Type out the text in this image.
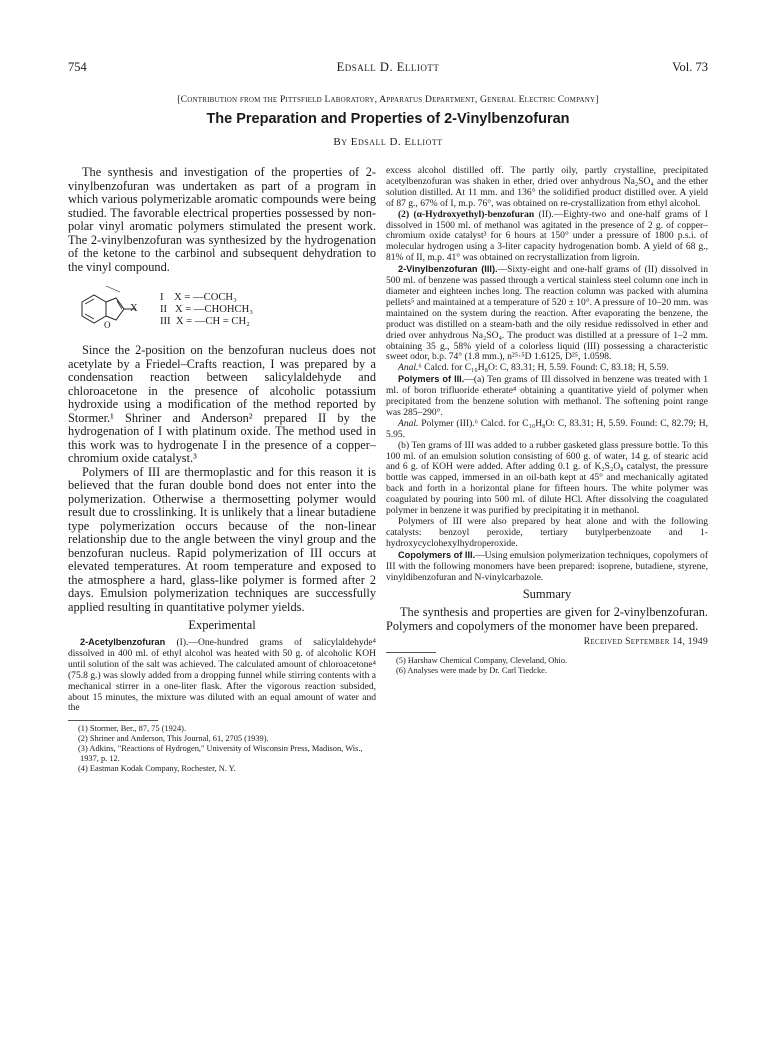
754	Edsall D. Elliott	Vol. 73
[Contribution from the Pittsfield Laboratory, Apparatus Department, General Electric Company]
The Preparation and Properties of 2-Vinylbenzofuran
By Edsall D. Elliott

The synthesis and investigation of the properties of 2-vinylbenzofuran was undertaken as part of a program in which various polymerizable aromatic compounds were being studied. The favorable electrical properties possessed by non-polar vinyl aromatic polymers stimulated the present work. The 2-vinylbenzofuran was synthesized by the hydrogenation of the ketone to the carbinol and subsequent dehydration to the vinyl compound.

O
X
I    X = —COCH₃
II   X = —CHOHCH₃
III  X = —CH = CH₂

Since the 2-position on the benzofuran nucleus does not acetylate by a Friedel–Crafts reaction, I was prepared by a condensation reaction between salicylaldehyde and chloroacetone in the presence of alcoholic potassium hydroxide using a modification of the method reported by Stormer.¹ Shriner and Anderson² prepared II by the hydrogenation of I with platinum oxide. The method used in this work was to hydrogenate I in the presence of a copper–chromium oxide catalyst.³

Polymers of III are thermoplastic and for this reason it is believed that the furan double bond does not enter into the polymerization. Otherwise a thermosetting polymer would result due to crosslinking. It is unlikely that a linear butadiene type polymerization occurs because of the non-linear relationship due to the angle between the vinyl group and the benzofuran nucleus. Rapid polymerization of III occurs at elevated temperatures. At room temperature and exposed to the atmosphere a hard, glass-like polymer is formed after 2 days. Emulsion polymerization techniques are successfully applied resulting in quantitative polymer yields.

Experimental

2-Acetylbenzofuran (I).—One-hundred grams of salicylaldehyde⁴ dissolved in 400 ml. of ethyl alcohol was heated with 50 g. of alcoholic KOH until solution of the salt was achieved. The calculated amount of chloroacetone⁴ (75.8 g.) was slowly added from a dropping funnel while stirring contents with a mechanical stirrer in a one-liter flask. After the vigorous reaction subsided, about 15 minutes, the mixture was diluted with an equal amount of water and the

(1) Stormer, Ber., 87, 75 (1924).

(2) Shriner and Anderson, This Journal, 61, 2705 (1939).

(3) Adkins, "Reactions of Hydrogen," University of Wisconsin Press, Madison, Wis., 1937, p. 12.

(4) Eastman Kodak Company, Rochester, N. Y.

excess alcohol distilled off. The partly oily, partly crystalline, precipitated acetylbenzofuran was shaken in ether, dried over anhydrous Na₂SO₄ and the ether solution distilled. At 11 mm. and 136° the solidified product distilled over. A yield of 87 g., 67% of I, m.p. 76°, was obtained on re-crystallization from ethyl alcohol.

(2) (α-Hydroxyethyl)-benzofuran (II).—Eighty-two and one-half grams of I dissolved in 1500 ml. of methanol was agitated in the presence of 2 g. of copper–chromium oxide catalyst³ for 6 hours at 150° under a pressure of 1800 p.s.i. of molecular hydrogen using a 3-liter capacity hydrogenation bomb. A yield of 68 g., 81% of II, m.p. 41° was obtained on recrystallization from ligroin.

2-Vinylbenzofuran (III).—Sixty-eight and one-half grams of (II) dissolved in 500 ml. of benzene was passed through a vertical stainless steel column one inch in diameter and eighteen inches long. The reaction column was packed with alumina pellets⁵ and maintained at a temperature of 520 ± 10°. A pressure of 10–20 mm. was maintained on the system during the reaction. After evaporating the benzene, the product was distilled on a steam-bath and the oily residue redissolved in ether and dried over anhydrous Na₂SO₄. The product was distilled at a pressure of 1–2 mm. obtaining 35 g., 58% yield of a colorless liquid (III) possessing a characteristic sweet odor, b.p. 74° (1.8 mm.), n²⁵·⁵D 1.6125, D²⁵, 1.0598.

Anal.⁶ Calcd. for C₁₀H₈O: C, 83.31; H, 5.59. Found: C, 83.18; H, 5.59.

Polymers of III.—(a) Ten grams of III dissolved in benzene was treated with 1 ml. of boron trifluoride etherate⁴ obtaining a quantitative yield of polymer when precipitated from the benzene solution with methanol. The softening point range was 285–290°.

Anal. Polymer (III).⁶ Calcd. for C₁₀H₈O: C, 83.31; H, 5.59. Found: C, 82.79; H, 5.95.

(b) Ten grams of III was added to a rubber gasketed glass pressure bottle. To this 100 ml. of an emulsion solution consisting of 600 g. of water, 14 g. of stearic acid and 6 g. of KOH were added. After adding 0.1 g. of K₂S₂O₈ catalyst, the pressure bottle was capped, immersed in an oil-bath kept at 45° and mechanically agitated back and forth in a horizontal plane for fifteen hours. The white polymer was coagulated by pouring into 500 ml. of dilute HCl. After dissolving the coagulated polymer in benzene it was purified by precipitating it in methanol.

Polymers of III were also prepared by heat alone and with the following catalysts: benzoyl peroxide, tertiary butylperbenzoate and 1-hydroxycyclohexylhydroperoxide.

Copolymers of III.—Using emulsion polymerization techniques, copolymers of III with the following monomers have been prepared: isoprene, butadiene, styrene, vinyldibenzofuran and N-vinylcarbazole.

Summary

The synthesis and properties are given for 2-vinylbenzofuran. Polymers and copolymers of the monomer have been prepared.

Received September 14, 1949

(5) Harshaw Chemical Company, Cleveland, Ohio.

(6) Analyses were made by Dr. Carl Tiedcke.
